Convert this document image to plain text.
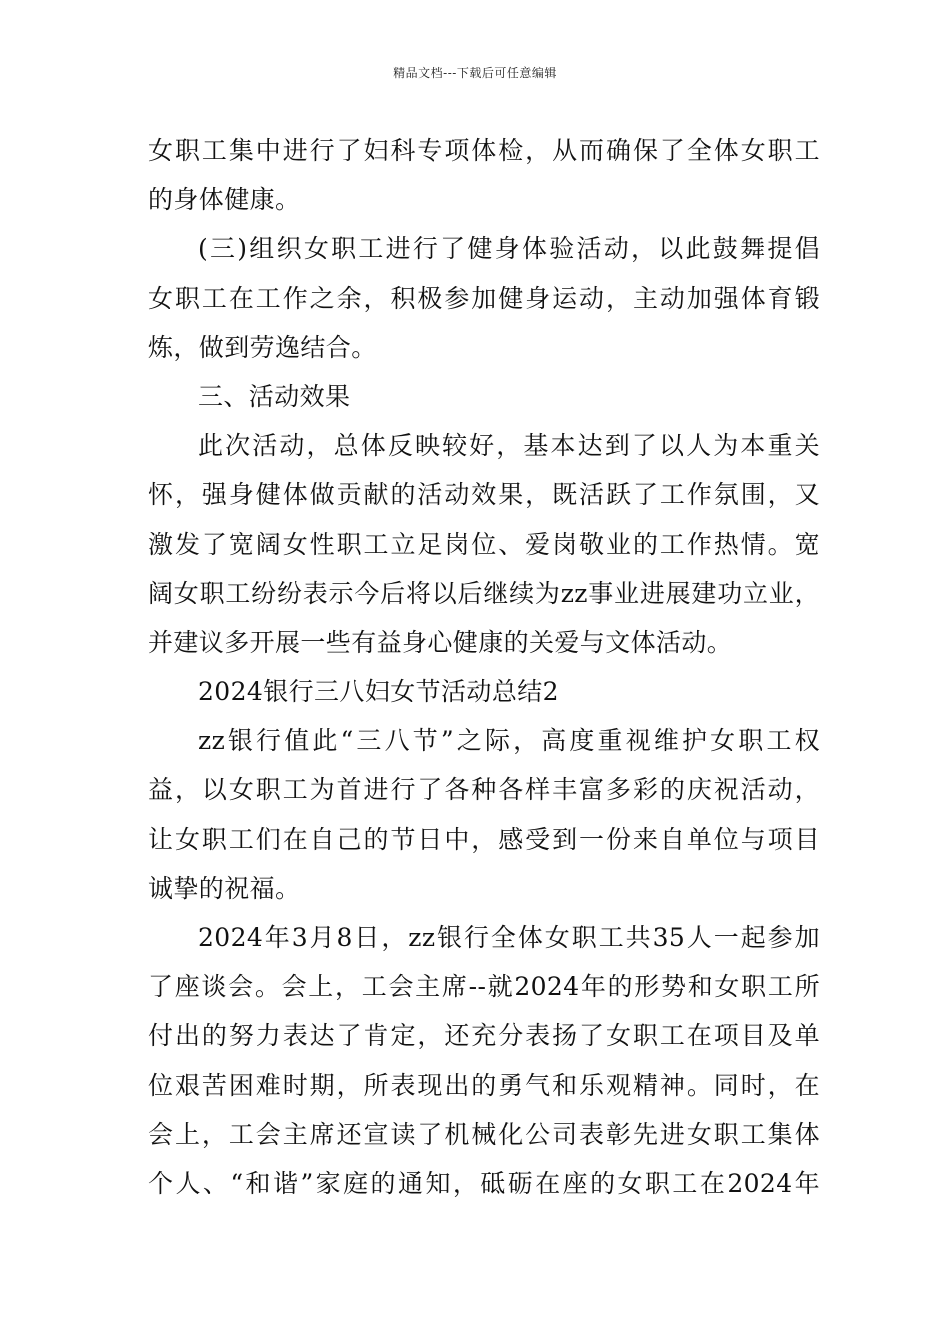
精品文档---下载后可任意编辑
女职工集中进行了妇科专项体检，从而确保了全体女职工
的身体健康。
(三)组织女职工进行了健身体验活动，以此鼓舞提倡
女职工在工作之余，积极参加健身运动，主动加强体育锻
炼，做到劳逸结合。
三、活动效果
此次活动，总体反映较好，基本达到了以人为本重关
怀，强身健体做贡献的活动效果，既活跃了工作氛围，又
激发了宽阔女性职工立足岗位、爱岗敬业的工作热情。宽
阔女职工纷纷表示今后将以后继续为zz事业进展建功立业，
并建议多开展一些有益身心健康的关爱与文体活动。
2024银行三八妇女节活动总结2
zz银行值此“三八节”之际，高度重视维护女职工权
益，以女职工为首进行了各种各样丰富多彩的庆祝活动，
让女职工们在自己的节日中，感受到一份来自单位与项目
诚挚的祝福。
2024年3月8日，zz银行全体女职工共35人一起参加
了座谈会。会上，工会主席--就2024年的形势和女职工所
付出的努力表达了肯定，还充分表扬了女职工在项目及单
位艰苦困难时期，所表现出的勇气和乐观精神。同时，在
会上，工会主席还宣读了机械化公司表彰先进女职工集体
个人、“和谐”家庭的通知，砥砺在座的女职工在2024年
